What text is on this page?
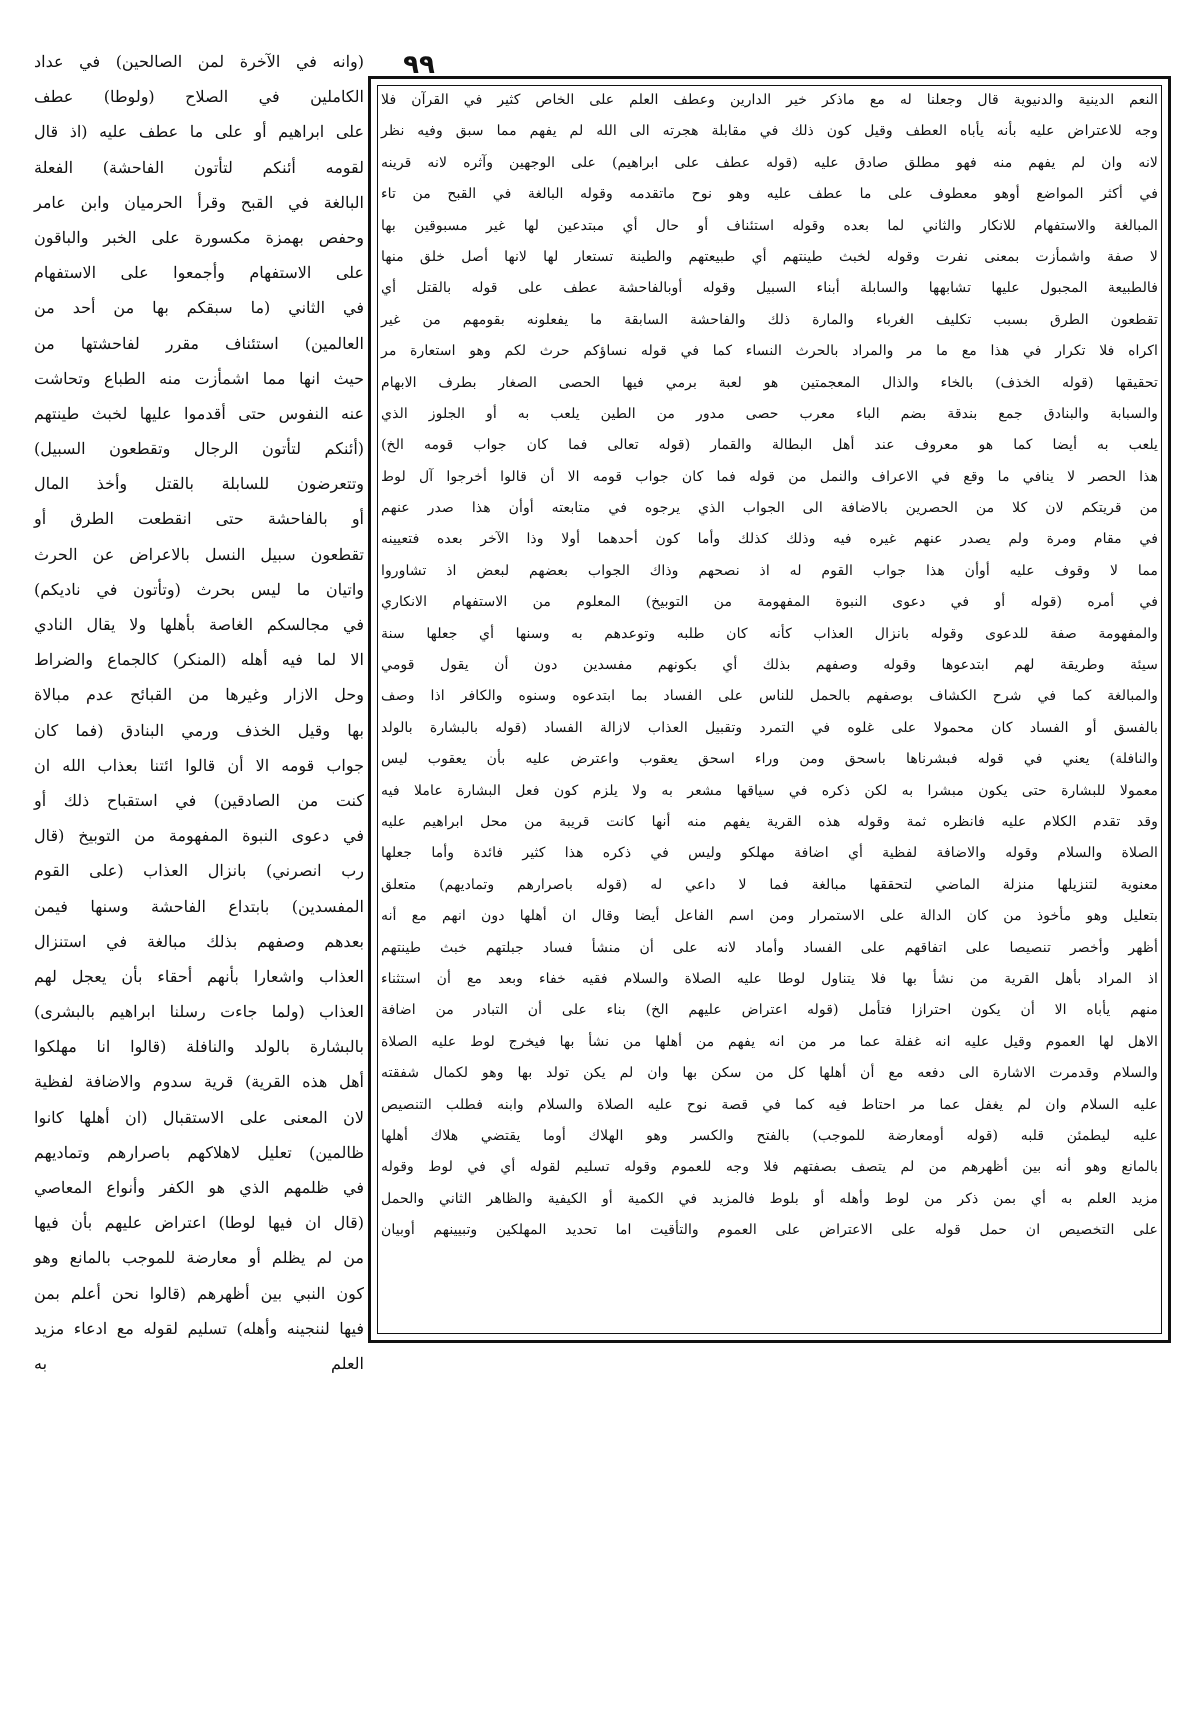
٩٩
(وانه في الآخرة لمن الصالحين) في عداد
الكاملين في الصلاح (ولوطا) عطف
على ابراهيم أو على ما عطف عليه (اذ قال
لقومه أئنكم لتأتون الفاحشة) الفعلة
البالغة في القبح وقرأ الحرميان وابن عامر
وحفص بهمزة مكسورة على الخبر والباقون
على الاستفهام وأجمعوا على الاستفهام
في الثاني (ما سبقكم بها من أحد من
العالمين) استئناف مقرر لفاحشتها من
حيث انها مما اشمأزت منه الطباع وتحاشت
عنه النفوس حتى أقدموا عليها لخبث طينتهم
(أئنكم لتأتون الرجال وتقطعون السبيل)
وتتعرضون للسابلة بالقتل وأخذ المال
أو بالفاحشة حتى انقطعت الطرق أو
تقطعون سبيل النسل بالاعراض عن الحرث
واتيان ما ليس بحرث (وتأتون في ناديكم)
في مجالسكم الغاصة بأهلها ولا يقال النادي
الا لما فيه أهله (المنكر) كالجماع والضراط
وحل الازار وغيرها من القبائح عدم مبالاة
بها وقيل الخذف ورمي البنادق (فما كان
جواب قومه الا أن قالوا ائتنا بعذاب الله ان
كنت من الصادقين) في استقباح ذلك أو
في دعوى النبوة المفهومة من التوبيخ (قال
رب انصرني) بانزال العذاب (على القوم
المفسدين) بابتداع الفاحشة وسنها فيمن
بعدهم وصفهم بذلك مبالغة في استنزال
العذاب واشعارا بأنهم أحقاء بأن يعجل لهم
العذاب (ولما جاءت رسلنا ابراهيم بالبشرى)
بالبشارة بالولد والنافلة (قالوا انا مهلكوا
أهل هذه القرية) قرية سدوم والاضافة لفظية
لان المعنى على الاستقبال (ان أهلها كانوا
ظالمين) تعليل لاهلاكهم باصرارهم وتماديهم
في ظلمهم الذي هو الكفر وأنواع المعاصي
(قال ان فيها لوطا) اعتراض عليهم بأن فيها
من لم يظلم أو معارضة للموجب بالمانع وهو
كون النبي بين أظهرهم (قالوا نحن أعلم بمن
فيها لننجينه وأهله) تسليم لقوله مع ادعاء مزيد
العلم به
النعم الدينية والدنيوية قال وجعلنا له مع ماذكر خير الدارين وعطف العلم على الخاص كثير في القرآن فلا
وجه للاعتراض عليه بأنه يأباه العطف وقيل كون ذلك في مقابلة هجرته الى الله لم يفهم مما سبق وفيه نظر
لانه وان لم يفهم منه فهو مطلق صادق عليه (قوله عطف على ابراهيم) على الوجهين وآثره لانه قرينه
في أكثر المواضع أوهو معطوف على ما عطف عليه وهو نوح ماتقدمه وقوله البالغة في القبح من تاء
المبالغة والاستفهام للانكار والثاني لما بعده وقوله استئناف أو حال أي مبتدعين لها غير مسبوقين بها
لا صفة واشمأزت بمعنى نفرت وقوله لخبث طينتهم أي طبيعتهم والطينة تستعار لها لانها أصل خلق منها
فالطبيعة المجبول عليها تشابهها والسابلة أبناء السبيل وقوله أوبالفاحشة عطف على قوله بالقتل أي
تقطعون الطرق بسبب تكليف الغرباء والمارة ذلك والفاحشة السابقة ما يفعلونه بقومهم من غير
اكراه فلا تكرار في هذا مع ما مر والمراد بالحرث النساء كما في قوله نساؤكم حرث لكم وهو استعارة مر
تحقيقها (قوله الخذف) بالخاء والذال المعجمتين هو لعبة برمي فيها الحصى الصغار بطرف الابهام
والسبابة والبنادق جمع بندقة بضم الباء معرب حصى مدور من الطين يلعب به أو الجلوز الذي
يلعب به أيضا كما هو معروف عند أهل البطالة والقمار (قوله تعالى فما كان جواب قومه الخ)
هذا الحصر لا ينافي ما وقع في الاعراف والنمل من قوله فما كان جواب قومه الا أن قالوا أخرجوا آل لوط
من قريتكم لان كلا من الحصرين بالاضافة الى الجواب الذي يرجوه في متابعته أوأن هذا صدر عنهم
في مقام ومرة ولم يصدر عنهم غيره فيه وذلك كذلك وأما كون أحدهما أولا وذا الآخر بعده فتعيينه
مما لا وقوف عليه أوأن هذا جواب القوم له اذ نصحهم وذاك الجواب بعضهم لبعض اذ تشاوروا
في أمره (قوله أو في دعوى النبوة المفهومة من التوبيخ) المعلوم من الاستفهام الانكاري
والمفهومة صفة للدعوى وقوله بانزال العذاب كأنه كان طلبه وتوعدهم به وسنها أي جعلها سنة
سيئة وطريقة لهم ابتدعوها وقوله وصفهم بذلك أي بكونهم مفسدين دون أن يقول قومي
والمبالغة كما في شرح الكشاف بوصفهم بالحمل للناس على الفساد بما ابتدعوه وسنوه والكافر اذا وصف
بالفسق أو الفساد كان محمولا على غلوه في التمرد وتقبيل العذاب لازالة الفساد (قوله بالبشارة بالولد
والنافلة) يعني في قوله فبشرناها باسحق ومن وراء اسحق يعقوب واعترض عليه بأن يعقوب ليس
معمولا للبشارة حتى يكون مبشرا به لكن ذكره في سياقها مشعر به ولا يلزم كون فعل البشارة عاملا فيه
وقد تقدم الكلام عليه فانظره ثمة وقوله هذه القرية يفهم منه أنها كانت قريبة من محل ابراهيم عليه
الصلاة والسلام وقوله والاضافة لفظية أي اضافة مهلكو وليس في ذكره هذا كثير فائدة وأما جعلها
معنوية لتنزيلها منزلة الماضي لتحققها مبالغة فما لا داعي له (قوله باصرارهم وتماديهم) متعلق
بتعليل وهو مأخوذ من كان الدالة على الاستمرار ومن اسم الفاعل أيضا وقال ان أهلها دون انهم مع أنه
أظهر وأخصر تنصيصا على اتفاقهم على الفساد وأماد لانه على أن منشأ فساد جبلتهم خبث طينتهم
اذ المراد بأهل القرية من نشأ بها فلا يتناول لوطا عليه الصلاة والسلام فقيه خفاء وبعد مع أن استثناء
منهم يأباه الا أن يكون احترازا فتأمل (قوله اعتراض عليهم الخ) بناء على أن التبادر من اضافة
الاهل لها العموم وقيل عليه انه غفلة عما مر من انه يفهم من أهلها من نشأ بها فيخرج لوط عليه الصلاة
والسلام وقدمرت الاشارة الى دفعه مع أن أهلها كل من سكن بها وان لم يكن تولد بها وهو لكمال شفقته
عليه السلام وان لم يغفل عما مر احتاط فيه كما في قصة نوح عليه الصلاة والسلام وابنه فطلب التنصيص
عليه ليطمئن قلبه (قوله أومعارضة للموجب) بالفتح والكسر وهو الهلاك أوما يقتضي هلاك أهلها
بالمانع وهو أنه بين أظهرهم من لم يتصف بصفتهم فلا وجه للعموم وقوله تسليم لقوله أي في لوط وقوله
مزيد العلم به أي بمن ذكر من لوط وأهله أو بلوط فالمزيد في الكمية أو الكيفية والظاهر الثاني والحمل
على التخصيص ان حمل قوله على الاعتراض على العموم والتأقيت اما تحديد المهلكين وتبيينهم أوبيان
